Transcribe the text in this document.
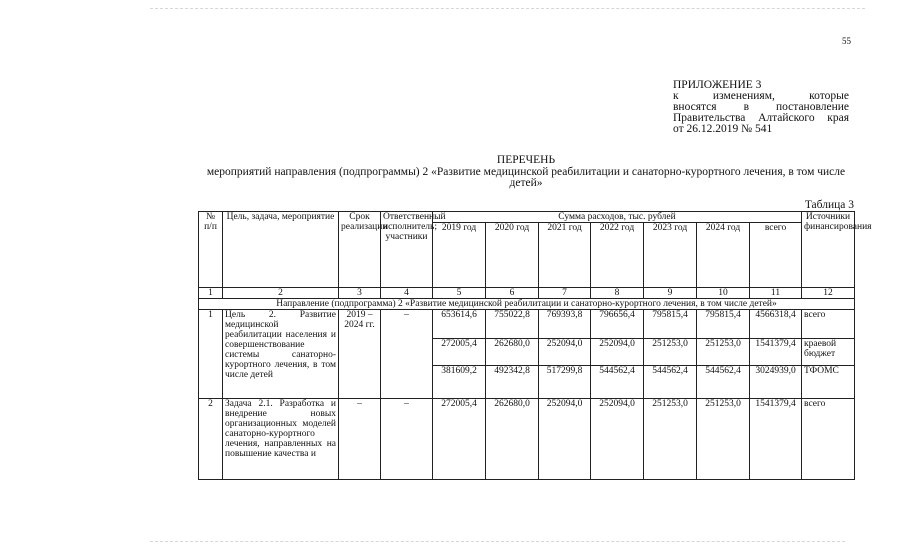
55
ПРИЛОЖЕНИЕ 3
к изменениям, которые
вносятся в постановление
Правительства Алтайского края
от 26.12.2019 № 541
ПЕРЕЧЕНЬ
мероприятий направления (подпрограммы) 2 «Развитие медицинской реабилитации и санаторно-курортного лечения, в том числе детей»
Таблица 3
№ п/п	Цель, задача, мероприятие	Срок реализации	Ответственный исполнитель; участники	Сумма расходов, тыс. рублей							Источники финансирования
				2019 год	2020 год	2021 год	2022 год	2023 год	2024 год	всего	
1	2	3	4	5	6	7	8	9	10	11	12
Направление (подпрограмма) 2 «Развитие медицинской реабилитации и санаторно-курортного лечения, в том числе детей»											
1	Цель 2. Развитие медицинской реабилитации населения и совершенствование системы санаторно-курортного лечения, в том числе детей	2019 – 2024 гг.	–	653614,6	755022,8	769393,8	796656,4	795815,4	795815,4	4566318,4	всего
				272005,4	262680,0	252094,0	252094,0	251253,0	251253,0	1541379,4	краевой бюджет
				381609,2	492342,8	517299,8	544562,4	544562,4	544562,4	3024939,0	ТФОМС
2	Задача 2.1. Разработка и внедрение новых организационных моделей санаторно-курортного лечения, направленных на повышение качества и	–	–	272005,4	262680,0	252094,0	252094,0	251253,0	251253,0	1541379,4	всего
